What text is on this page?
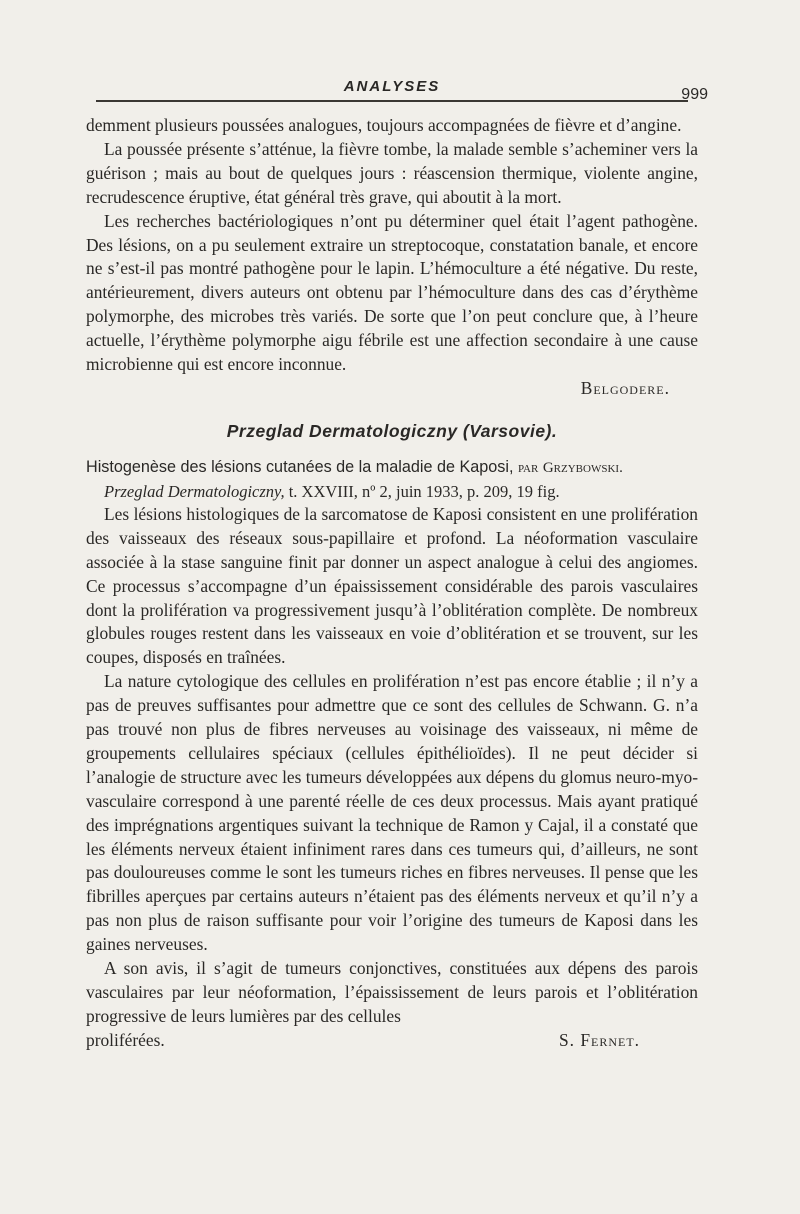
ANALYSES	999

demment plusieurs poussées analogues, toujours accompagnées de fièvre et d’angine.

La poussée présente s’atténue, la fièvre tombe, la malade semble s’acheminer vers la guérison ; mais au bout de quelques jours : réascension thermique, violente angine, recrudescence éruptive, état général très grave, qui aboutit à la mort.

Les recherches bactériologiques n’ont pu déterminer quel était l’agent pathogène. Des lésions, on a pu seulement extraire un streptocoque, constatation banale, et encore ne s’est-il pas montré pathogène pour le lapin. L’hémoculture a été négative. Du reste, antérieurement, divers auteurs ont obtenu par l’hémoculture dans des cas d’érythème polymorphe, des microbes très variés. De sorte que l’on peut conclure que, à l’heure actuelle, l’érythème polymorphe aigu fébrile est une affection secondaire à une cause microbienne qui est encore inconnue.

Belgodere.
Przeglad Dermatologiczny (Varsovie).
Histogenèse des lésions cutanées de la maladie de Kaposi, par Grzybowski.
Przeglad Dermatologiczny, t. XXVIII, nº 2, juin 1933, p. 209, 19 fig.

Les lésions histologiques de la sarcomatose de Kaposi consistent en une prolifération des vaisseaux des réseaux sous-papillaire et profond. La néoformation vasculaire associée à la stase sanguine finit par donner un aspect analogue à celui des angiomes. Ce processus s’accompagne d’un épaississement considérable des parois vasculaires dont la prolifération va progressivement jusqu’à l’oblitération complète. De nombreux globules rouges restent dans les vaisseaux en voie d’oblitération et se trouvent, sur les coupes, disposés en traînées.

La nature cytologique des cellules en prolifération n’est pas encore établie ; il n’y a pas de preuves suffisantes pour admettre que ce sont des cellules de Schwann. G. n’a pas trouvé non plus de fibres nerveuses au voisinage des vaisseaux, ni même de groupements cellulaires spéciaux (cellules épithélioïdes). Il ne peut décider si l’analogie de structure avec les tumeurs développées aux dépens du glomus neuro-myo-vasculaire correspond à une parenté réelle de ces deux processus. Mais ayant pratiqué des imprégnations argentiques suivant la technique de Ramon y Cajal, il a constaté que les éléments nerveux étaient infiniment rares dans ces tumeurs qui, d’ailleurs, ne sont pas douloureuses comme le sont les tumeurs riches en fibres nerveuses. Il pense que les fibrilles aperçues par certains auteurs n’étaient pas des éléments nerveux et qu’il n’y a pas non plus de raison suffisante pour voir l’origine des tumeurs de Kaposi dans les gaines nerveuses.

A son avis, il s’agit de tumeurs conjonctives, constituées aux dépens des parois vasculaires par leur néoformation, l’épaississement de leurs parois et l’oblitération progressive de leurs lumières par des cellules

proliférées.	S. Fernet.
